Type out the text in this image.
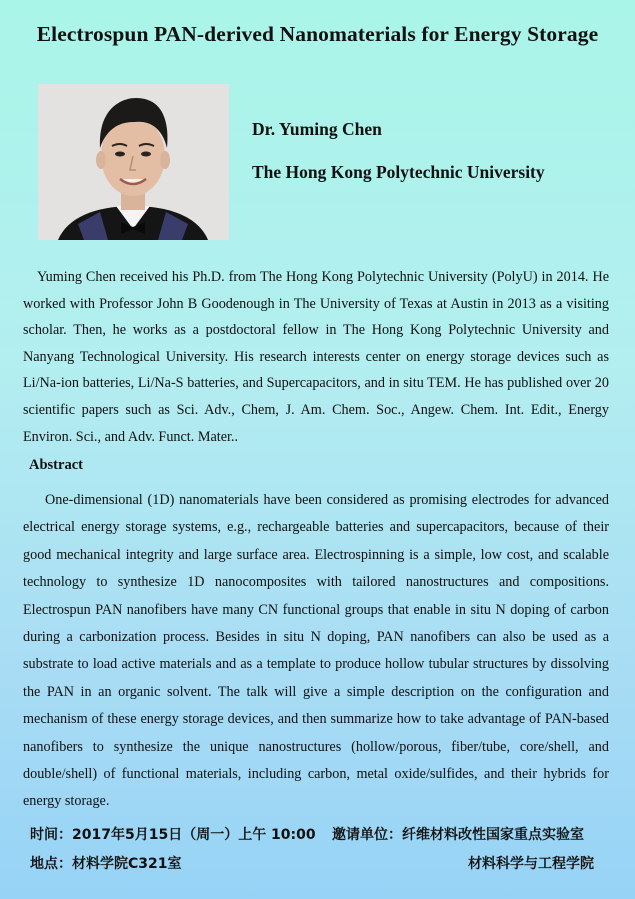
Electrospun PAN-derived Nanomaterials for Energy Storage
Dr. Yuming Chen
The Hong Kong Polytechnic University

Yuming Chen received his Ph.D. from The Hong Kong Polytechnic University (PolyU) in 2014. He worked with Professor John B Goodenough in The University of Texas at Austin in 2013 as a visiting scholar. Then, he works as a postdoctoral fellow in The Hong Kong Polytechnic University and Nanyang Technological University. His research interests center on energy storage devices such as Li/Na-ion batteries, Li/Na-S batteries, and Supercapacitors, and in situ TEM. He has published over 20 scientific papers such as Sci. Adv., Chem, J. Am. Chem. Soc., Angew. Chem. Int. Edit., Energy Environ. Sci., and Adv. Funct. Mater..

Abstract

One-dimensional (1D) nanomaterials have been considered as promising electrodes for advanced electrical energy storage systems, e.g., rechargeable batteries and supercapacitors, because of their good mechanical integrity and large surface area. Electrospinning is a simple, low cost, and scalable technology to synthesize 1D nanocomposites with tailored nanostructures and compositions. Electrospun PAN nanofibers have many CN functional groups that enable in situ N doping of carbon during a carbonization process. Besides in situ N doping, PAN nanofibers can also be used as a substrate to load active materials and as a template to produce hollow tubular structures by dissolving the PAN in an organic solvent. The talk will give a simple description on the configuration and mechanism of these energy storage devices, and then summarize how to take advantage of PAN-based nanofibers to synthesize the unique nanostructures (hollow/porous, fiber/tube, core/shell, and double/shell) of functional materials, including carbon, metal oxide/sulfides, and their hybrids for energy storage.

时间：2017年5月15日（周一）上午 10:00
地点：材料学院C321室
邀请单位：纤维材料改性国家重点实验室
材料科学与工程学院
